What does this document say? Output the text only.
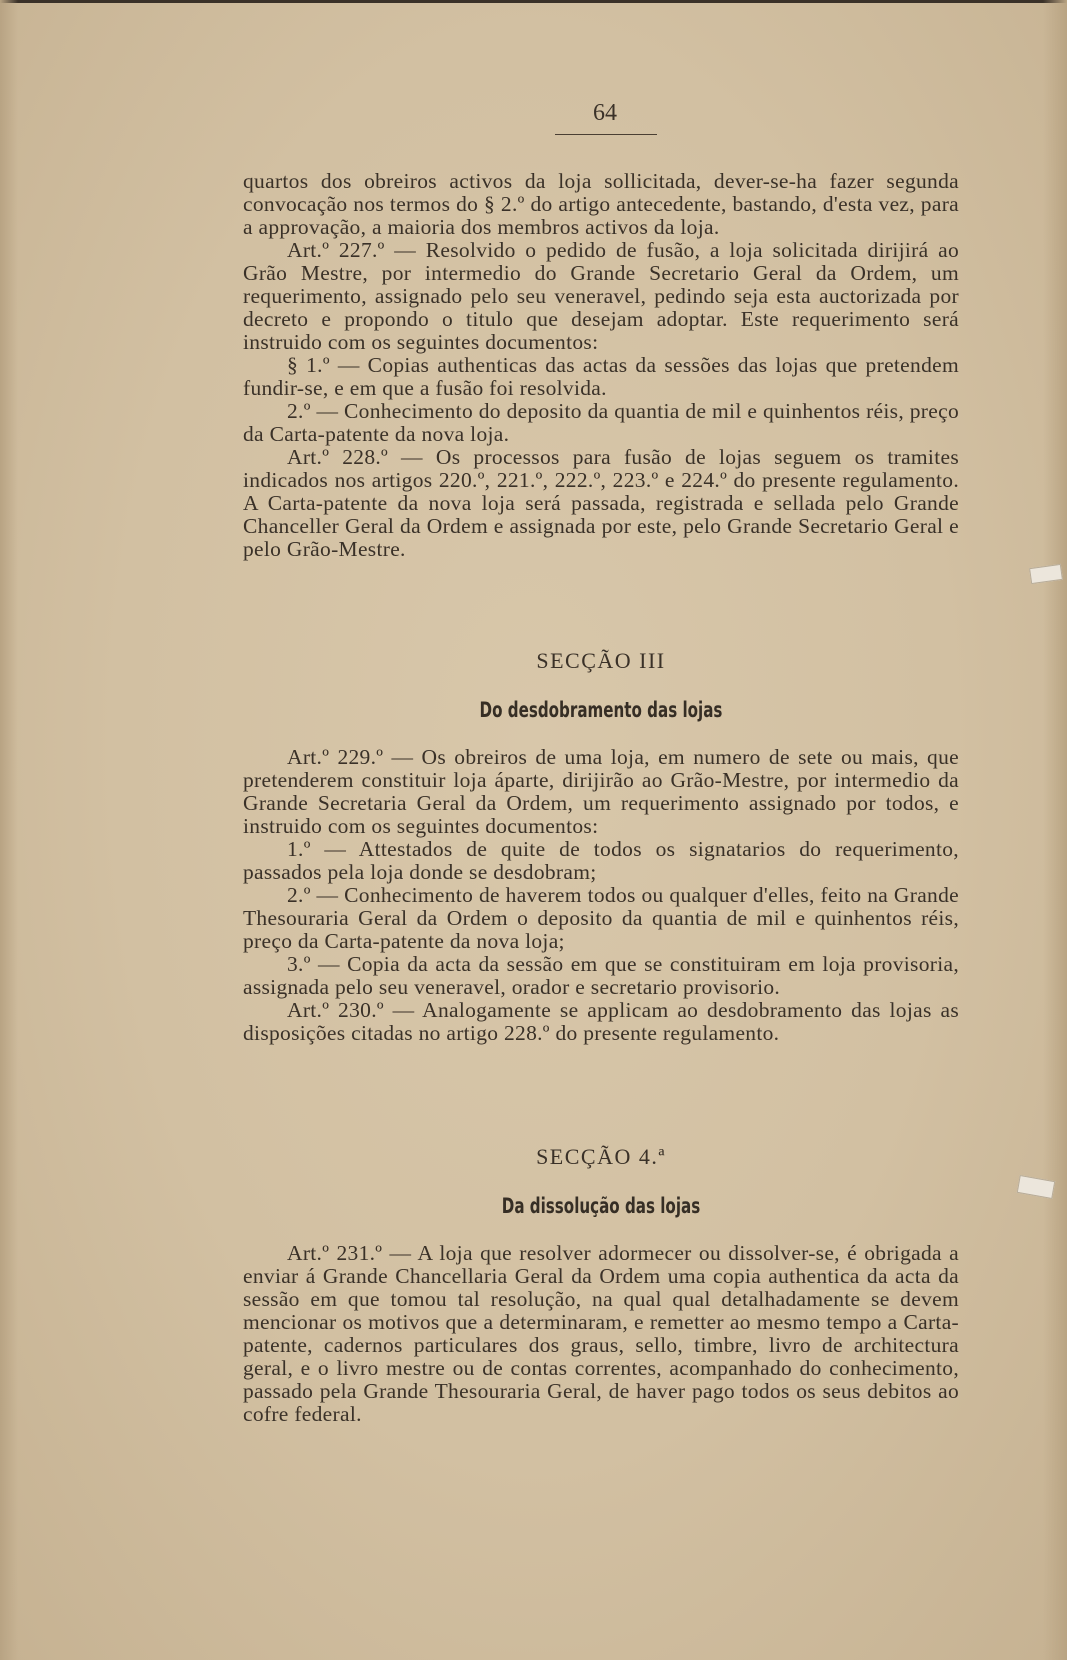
64

quartos dos obreiros activos da loja sollicitada, dever-se-ha fazer segunda convocação nos termos do § 2.º do artigo antecedente, bastando, d'esta vez, para a approvação, a maioria dos membros activos da loja.

Art.º 227.º — Resolvido o pedido de fusão, a loja solicitada dirijirá ao Grão Mestre, por intermedio do Grande Secretario Geral da Ordem, um requerimento, assignado pelo seu veneravel, pedindo seja esta auctorizada por decreto e propondo o titulo que desejam adoptar. Este requerimento será instruido com os seguintes documentos:

§ 1.º — Copias authenticas das actas da sessões das lojas que pretendem fundir-se, e em que a fusão foi resolvida.

2.º — Conhecimento do deposito da quantia de mil e quinhentos réis, preço da Carta-patente da nova loja.

Art.º 228.º — Os processos para fusão de lojas seguem os tramites indicados nos artigos 220.º, 221.º, 222.º, 223.º e 224.º do presente regulamento. A Carta-patente da nova loja será passada, registrada e sellada pelo Grande Chanceller Geral da Ordem e assignada por este, pelo Grande Secretario Geral e pelo Grão-Mestre.

SECÇÃO III
Do desdobramento das lojas

Art.º 229.º — Os obreiros de uma loja, em numero de sete ou mais, que pretenderem constituir loja áparte, dirijirão ao Grão-Mestre, por intermedio da Grande Secretaria Geral da Ordem, um requerimento assignado por todos, e instruido com os seguintes documentos:

1.º — Attestados de quite de todos os signatarios do requerimento, passados pela loja donde se desdobram;

2.º — Conhecimento de haverem todos ou qualquer d'elles, feito na Grande Thesouraria Geral da Ordem o deposito da quantia de mil e quinhentos réis, preço da Carta-patente da nova loja;

3.º — Copia da acta da sessão em que se constituiram em loja provisoria, assignada pelo seu veneravel, orador e secretario provisorio.

Art.º 230.º — Analogamente se applicam ao desdobramento das lojas as disposições citadas no artigo 228.º do presente regulamento.

SECÇÃO 4.ª
Da dissolução das lojas

Art.º 231.º — A loja que resolver adormecer ou dissolver-se, é obrigada a enviar á Grande Chancellaria Geral da Ordem uma copia authentica da acta da sessão em que tomou tal resolução, na qual qual detalhadamente se devem mencionar os motivos que a determinaram, e remetter ao mesmo tempo a Carta-patente, cadernos particulares dos graus, sello, timbre, livro de architectura geral, e o livro mestre ou de contas correntes, acompanhado do conhecimento, passado pela Grande Thesouraria Geral, de haver pago todos os seus debitos ao cofre federal.
